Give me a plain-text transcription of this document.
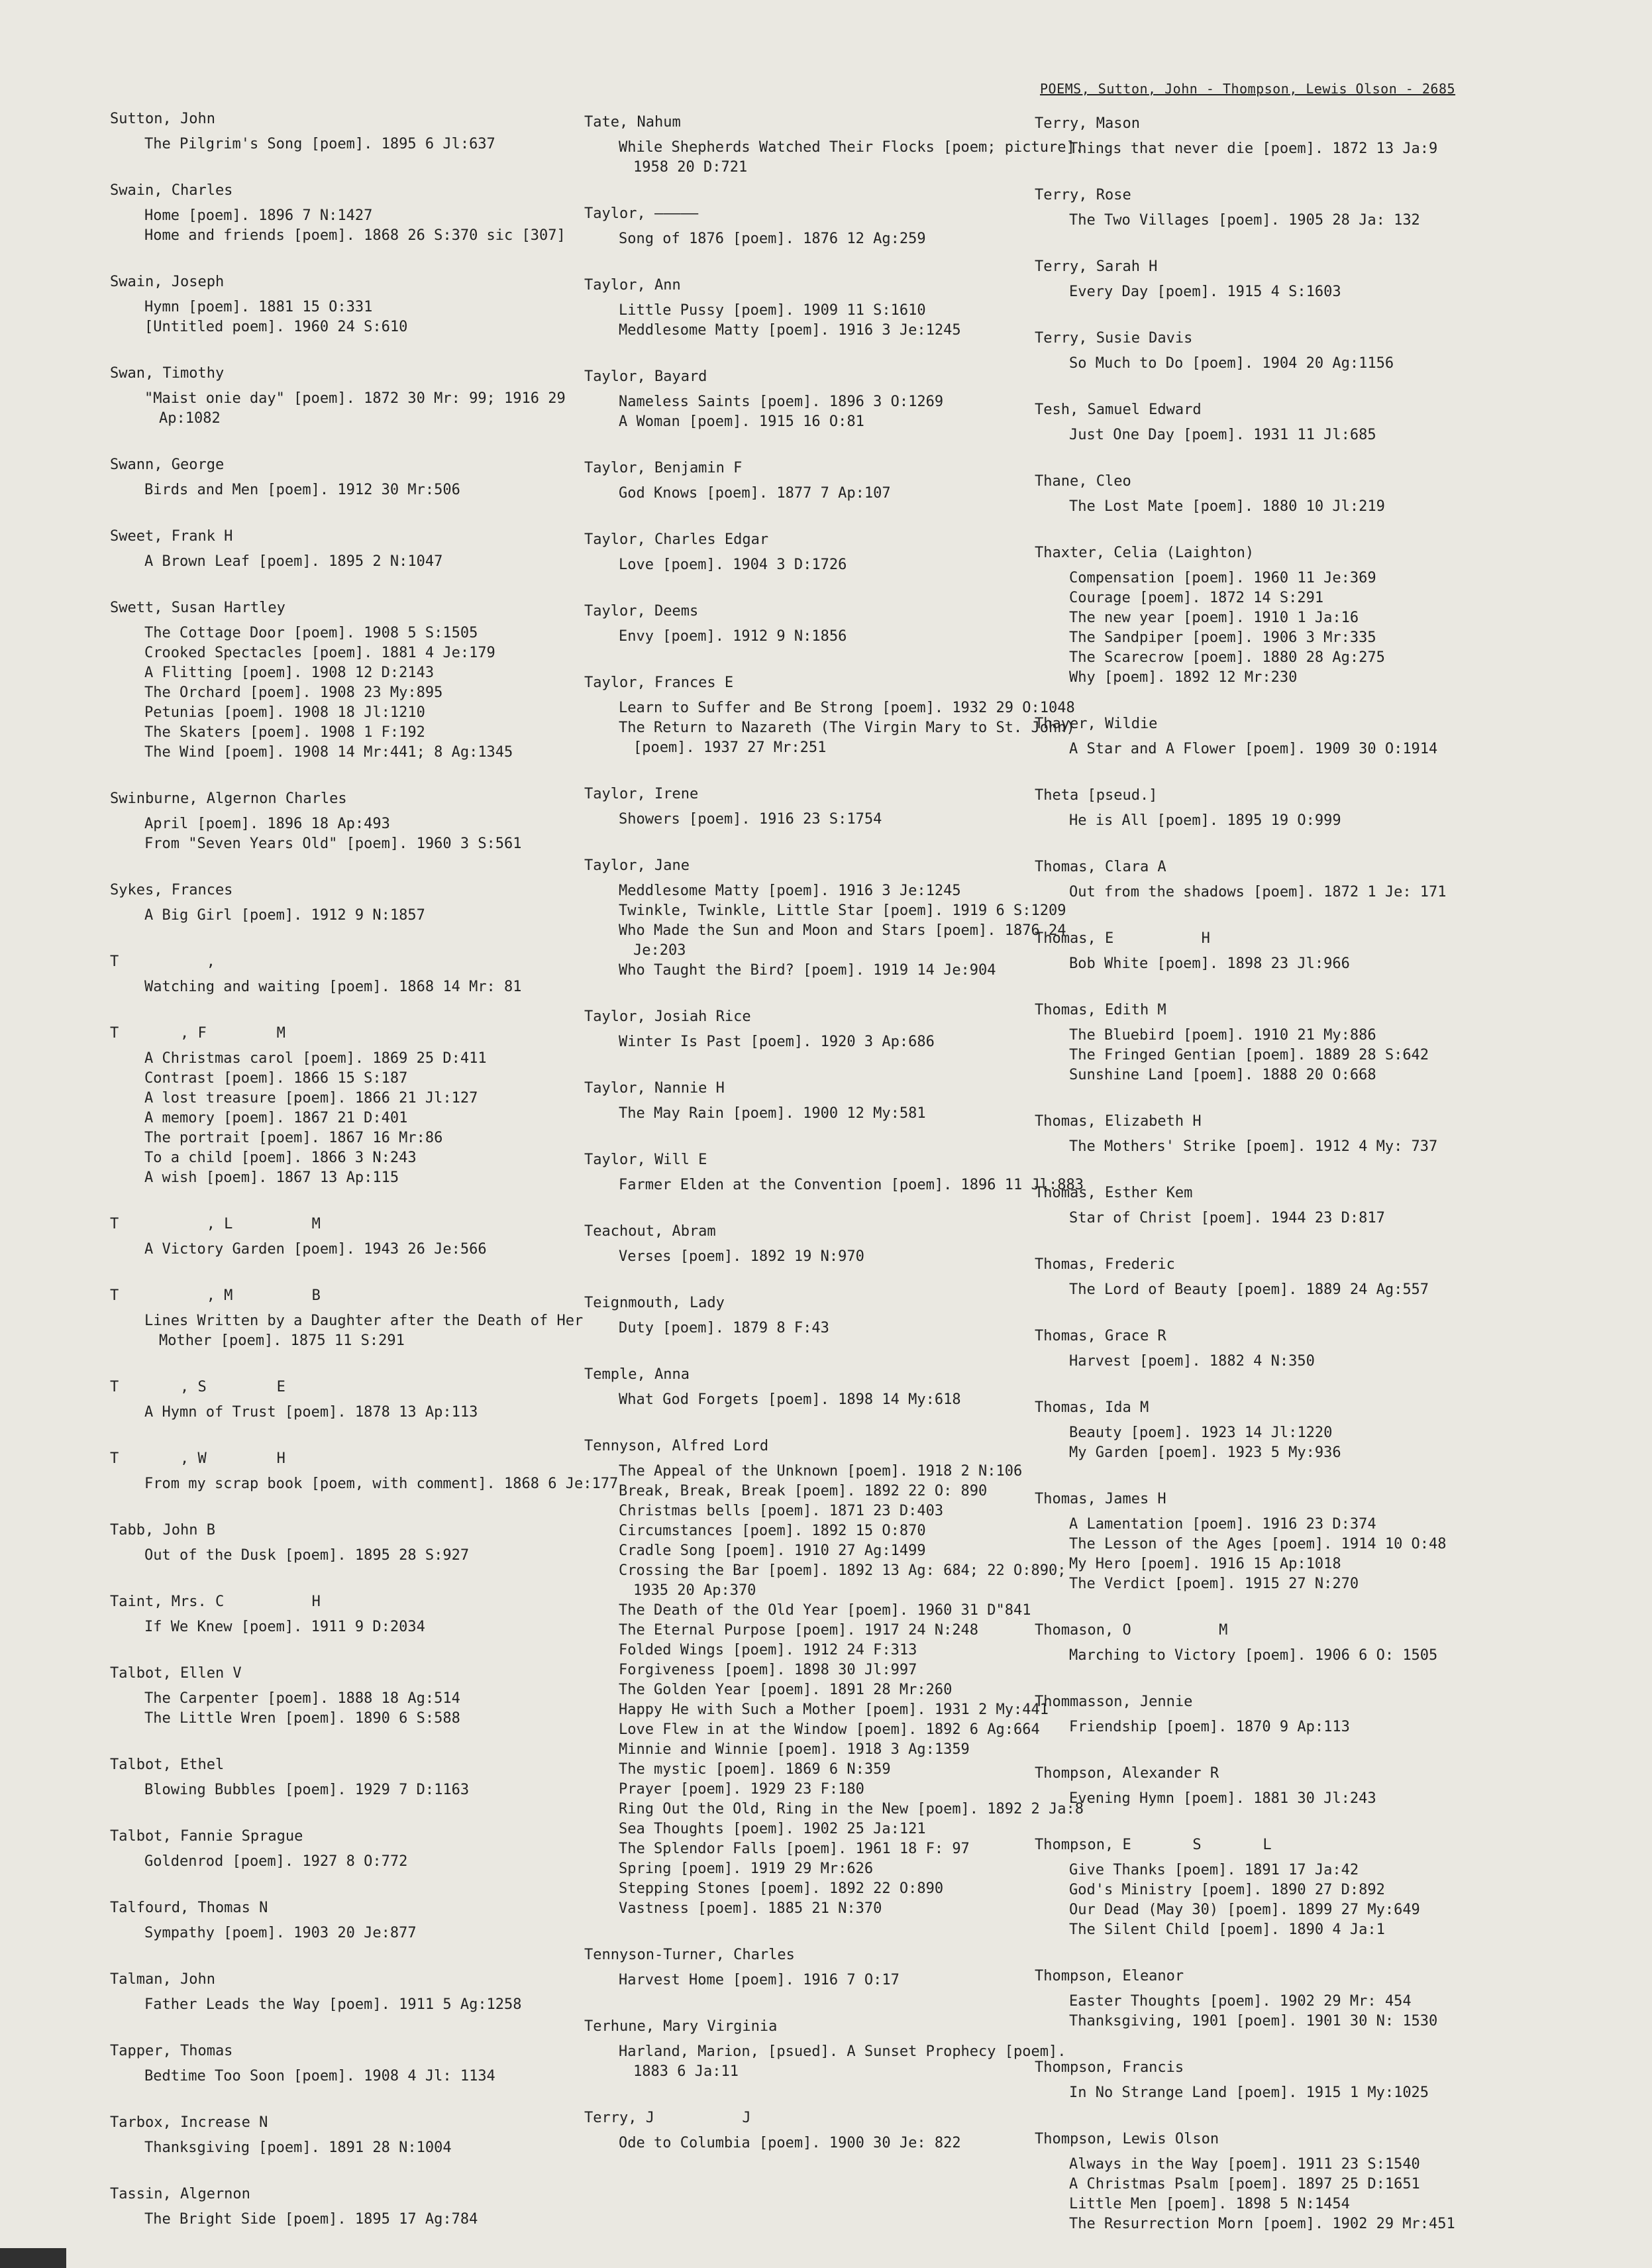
POEMS, Sutton, John - Thompson, Lewis Olson - 2685
Sutton, John
The Pilgrim's Song [poem]. 1895 6 Jl:637
Swain, Charles
Home [poem]. 1896 7 N:1427
Home and friends [poem]. 1868 26 S:370 sic [307]
Swain, Joseph
Hymn [poem]. 1881 15 O:331
[Untitled poem]. 1960 24 S:610
Swan, Timothy
"Maist onie day" [poem]. 1872 30 Mr: 99; 1916 29 Ap:1082
Swann, George
Birds and Men [poem]. 1912 30 Mr:506
Sweet, Frank H
A Brown Leaf [poem]. 1895 2 N:1047
Swett, Susan Hartley
The Cottage Door [poem]. 1908 5 S:1505
Crooked Spectacles [poem]. 1881 4 Je:179
A Flitting [poem]. 1908 12 D:2143
The Orchard [poem]. 1908 23 My:895
Petunias [poem]. 1908 18 Jl:1210
The Skaters [poem]. 1908 1 F:192
The Wind [poem]. 1908 14 Mr:441; 8 Ag:1345
Swinburne, Algernon Charles
April [poem]. 1896 18 Ap:493
From "Seven Years Old" [poem]. 1960 3 S:561
Sykes, Frances
A Big Girl [poem]. 1912 9 N:1857
T          ,
Watching and waiting [poem]. 1868 14 Mr: 81
T       , F        M
A Christmas carol [poem]. 1869 25 D:411
Contrast [poem]. 1866 15 S:187
A lost treasure [poem]. 1866 21 Jl:127
A memory [poem]. 1867 21 D:401
The portrait [poem]. 1867 16 Mr:86
To a child [poem]. 1866 3 N:243
A wish [poem]. 1867 13 Ap:115
T          , L         M
A Victory Garden [poem]. 1943 26 Je:566
T          , M         B
Lines Written by a Daughter after the Death of Her Mother [poem]. 1875 11 S:291
T       , S        E
A Hymn of Trust [poem]. 1878 13 Ap:113
T       , W        H
From my scrap book [poem, with comment]. 1868 6 Je:177
Tabb, John B
Out of the Dusk [poem]. 1895 28 S:927
Taint, Mrs. C          H
If We Knew [poem]. 1911 9 D:2034
Talbot, Ellen V
The Carpenter [poem]. 1888 18 Ag:514
The Little Wren [poem]. 1890 6 S:588
Talbot, Ethel
Blowing Bubbles [poem]. 1929 7 D:1163
Talbot, Fannie Sprague
Goldenrod [poem]. 1927 8 O:772
Talfourd, Thomas N
Sympathy [poem]. 1903 20 Je:877
Talman, John
Father Leads the Way [poem]. 1911 5 Ag:1258
Tapper, Thomas
Bedtime Too Soon [poem]. 1908 4 Jl: 1134
Tarbox, Increase N
Thanksgiving [poem]. 1891 28 N:1004
Tassin, Algernon
The Bright Side [poem]. 1895 17 Ag:784
Tate, Nahum
While Shepherds Watched Their Flocks [poem; picture]. 1958 20 D:721
Taylor, —————
Song of 1876 [poem]. 1876 12 Ag:259
Taylor, Ann
Little Pussy [poem]. 1909 11 S:1610
Meddlesome Matty [poem]. 1916 3 Je:1245
Taylor, Bayard
Nameless Saints [poem]. 1896 3 O:1269
A Woman [poem]. 1915 16 O:81
Taylor, Benjamin F
God Knows [poem]. 1877 7 Ap:107
Taylor, Charles Edgar
Love [poem]. 1904 3 D:1726
Taylor, Deems
Envy [poem]. 1912 9 N:1856
Taylor, Frances E
Learn to Suffer and Be Strong [poem]. 1932 29 O:1048
The Return to Nazareth (The Virgin Mary to St. John) [poem]. 1937 27 Mr:251
Taylor, Irene
Showers [poem]. 1916 23 S:1754
Taylor, Jane
Meddlesome Matty [poem]. 1916 3 Je:1245
Twinkle, Twinkle, Little Star [poem]. 1919 6 S:1209
Who Made the Sun and Moon and Stars [poem]. 1876 24 Je:203
Who Taught the Bird? [poem]. 1919 14 Je:904
Taylor, Josiah Rice
Winter Is Past [poem]. 1920 3 Ap:686
Taylor, Nannie H
The May Rain [poem]. 1900 12 My:581
Taylor, Will E
Farmer Elden at the Convention [poem]. 1896 11 Jl:883
Teachout, Abram
Verses [poem]. 1892 19 N:970
Teignmouth, Lady
Duty [poem]. 1879 8 F:43
Temple, Anna
What God Forgets [poem]. 1898 14 My:618
Tennyson, Alfred Lord
The Appeal of the Unknown [poem]. 1918 2 N:106
Break, Break, Break [poem]. 1892 22 O: 890
Christmas bells [poem]. 1871 23 D:403
Circumstances [poem]. 1892 15 O:870
Cradle Song [poem]. 1910 27 Ag:1499
Crossing the Bar [poem]. 1892 13 Ag: 684; 22 O:890; 1935 20 Ap:370
The Death of the Old Year [poem]. 1960 31 D"841
The Eternal Purpose [poem]. 1917 24 N:248
Folded Wings [poem]. 1912 24 F:313
Forgiveness [poem]. 1898 30 Jl:997
The Golden Year [poem]. 1891 28 Mr:260
Happy He with Such a Mother [poem]. 1931 2 My:441
Love Flew in at the Window [poem]. 1892 6 Ag:664
Minnie and Winnie [poem]. 1918 3 Ag:1359
The mystic [poem]. 1869 6 N:359
Prayer [poem]. 1929 23 F:180
Ring Out the Old, Ring in the New [poem]. 1892 2 Ja:8
Sea Thoughts [poem]. 1902 25 Ja:121
The Splendor Falls [poem]. 1961 18 F: 97
Spring [poem]. 1919 29 Mr:626
Stepping Stones [poem]. 1892 22 O:890
Vastness [poem]. 1885 21 N:370
Tennyson-Turner, Charles
Harvest Home [poem]. 1916 7 O:17
Terhune, Mary Virginia
Harland, Marion, [psued]. A Sunset Prophecy [poem]. 1883 6 Ja:11
Terry, J          J
Ode to Columbia [poem]. 1900 30 Je: 822
Terry, Mason
Things that never die [poem]. 1872 13 Ja:9
Terry, Rose
The Two Villages [poem]. 1905 28 Ja: 132
Terry, Sarah H
Every Day [poem]. 1915 4 S:1603
Terry, Susie Davis
So Much to Do [poem]. 1904 20 Ag:1156
Tesh, Samuel Edward
Just One Day [poem]. 1931 11 Jl:685
Thane, Cleo
The Lost Mate [poem]. 1880 10 Jl:219
Thaxter, Celia (Laighton)
Compensation [poem]. 1960 11 Je:369
Courage [poem]. 1872 14 S:291
The new year [poem]. 1910 1 Ja:16
The Sandpiper [poem]. 1906 3 Mr:335
The Scarecrow [poem]. 1880 28 Ag:275
Why [poem]. 1892 12 Mr:230
Thayer, Wildie
A Star and A Flower [poem]. 1909 30 O:1914
Theta [pseud.]
He is All [poem]. 1895 19 O:999
Thomas, Clara A
Out from the shadows [poem]. 1872 1 Je: 171
Thomas, E          H
Bob White [poem]. 1898 23 Jl:966
Thomas, Edith M
The Bluebird [poem]. 1910 21 My:886
The Fringed Gentian [poem]. 1889 28 S:642
Sunshine Land [poem]. 1888 20 O:668
Thomas, Elizabeth H
The Mothers' Strike [poem]. 1912 4 My: 737
Thomas, Esther Kem
Star of Christ [poem]. 1944 23 D:817
Thomas, Frederic
The Lord of Beauty [poem]. 1889 24 Ag:557
Thomas, Grace R
Harvest [poem]. 1882 4 N:350
Thomas, Ida M
Beauty [poem]. 1923 14 Jl:1220
My Garden [poem]. 1923 5 My:936
Thomas, James H
A Lamentation [poem]. 1916 23 D:374
The Lesson of the Ages [poem]. 1914 10 O:48
My Hero [poem]. 1916 15 Ap:1018
The Verdict [poem]. 1915 27 N:270
Thomason, O          M
Marching to Victory [poem]. 1906 6 O: 1505
Thommasson, Jennie
Friendship [poem]. 1870 9 Ap:113
Thompson, Alexander R
Evening Hymn [poem]. 1881 30 Jl:243
Thompson, E       S       L
Give Thanks [poem]. 1891 17 Ja:42
God's Ministry [poem]. 1890 27 D:892
Our Dead (May 30) [poem]. 1899 27 My:649
The Silent Child [poem]. 1890 4 Ja:1
Thompson, Eleanor
Easter Thoughts [poem]. 1902 29 Mr: 454
Thanksgiving, 1901 [poem]. 1901 30 N: 1530
Thompson, Francis
In No Strange Land [poem]. 1915 1 My:1025
Thompson, Lewis Olson
Always in the Way [poem]. 1911 23 S:1540
A Christmas Psalm [poem]. 1897 25 D:1651
Little Men [poem]. 1898 5 N:1454
The Resurrection Morn [poem]. 1902 29 Mr:451
